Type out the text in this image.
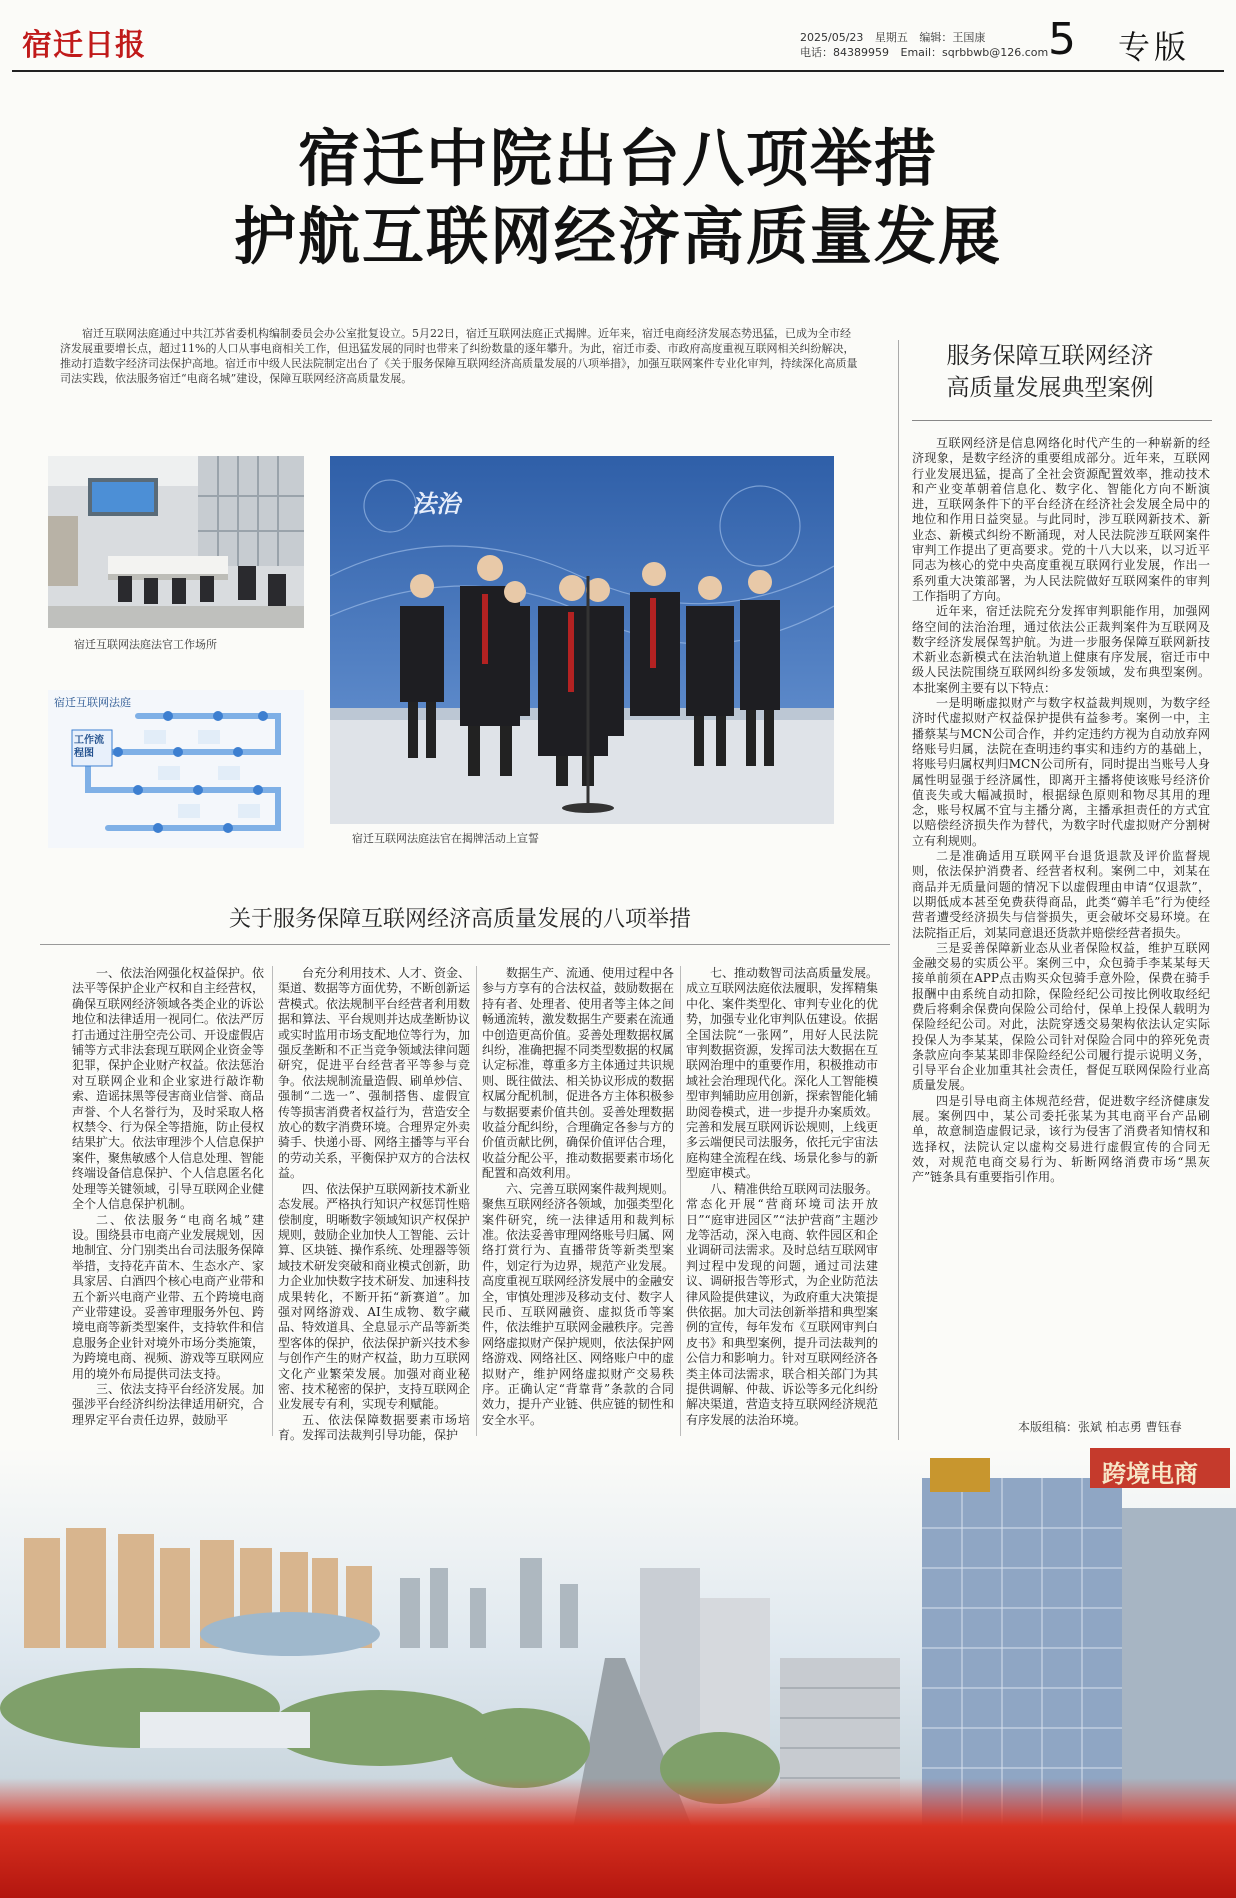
宿迁日报	2025/05/23 星期五 编辑：王国康
电话：84389959 Email：sqrbbwb@126.com 5 专版
宿迁中院出台八项举措
护航互联网经济高质量发展

宿迁互联网法庭通过中共江苏省委机构编制委员会办公室批复设立。5月22日，宿迁互联网法庭正式揭牌。近年来，宿迁电商经济发展态势迅猛，已成为全市经济发展重要增长点，超过11%的人口从事电商相关工作，但迅猛发展的同时也带来了纠纷数量的逐年攀升。为此，宿迁市委、市政府高度重视互联网相关纠纷解决，推动打造数字经济司法保护高地。宿迁市中级人民法院制定出台了《关于服务保障互联网经济高质量发展的八项举措》，加强互联网案件专业化审判，持续深化高质量司法实践，依法服务宿迁“电商名城”建设，保障互联网经济高质量发展。

宿迁互联网法庭法官工作场所
宿迁互联网法庭
工作流程图
法治
宿迁互联网法庭法官在揭牌活动上宣誓
服务保障互联网经济
高质量发展典型案例

互联网经济是信息网络化时代产生的一种崭新的经济现象，是数字经济的重要组成部分。近年来，互联网行业发展迅猛，提高了全社会资源配置效率，推动技术和产业变革朝着信息化、数字化、智能化方向不断演进，互联网条件下的平台经济在经济社会发展全局中的地位和作用日益突显。与此同时，涉互联网新技术、新业态、新模式纠纷不断涌现，对人民法院涉互联网案件审判工作提出了更高要求。党的十八大以来，以习近平同志为核心的党中央高度重视互联网行业发展，作出一系列重大决策部署，为人民法院做好互联网案件的审判工作指明了方向。

近年来，宿迁法院充分发挥审判职能作用，加强网络空间的法治治理，通过依法公正裁判案件为互联网及数字经济发展保驾护航。为进一步服务保障互联网新技术新业态新模式在法治轨道上健康有序发展，宿迁市中级人民法院围绕互联网纠纷多发领域，发布典型案例。本批案例主要有以下特点：

一是明晰虚拟财产与数字权益裁判规则，为数字经济时代虚拟财产权益保护提供有益参考。案例一中，主播蔡某与MCN公司合作，并约定违约方视为自动放弃网络账号归属，法院在查明违约事实和违约方的基础上，将账号归属权判归MCN公司所有，同时提出当账号人身属性明显强于经济属性，即离开主播将使该账号经济价值丧失或大幅减损时，根据绿色原则和物尽其用的理念，账号权属不宜与主播分离，主播承担责任的方式宜以赔偿经济损失作为替代，为数字时代虚拟财产分割树立有利规则。

二是准确适用互联网平台退货退款及评价监督规则，依法保护消费者、经营者权利。案例二中，刘某在商品并无质量问题的情况下以虚假理由申请“仅退款”，以期低成本甚至免费获得商品，此类“薅羊毛”行为使经营者遭受经济损失与信誉损失，更会破坏交易环境。在法院指正后，刘某同意退还货款并赔偿经营者损失。

三是妥善保障新业态从业者保险权益，维护互联网金融交易的实质公平。案例三中，众包骑手李某某每天接单前须在APP点击购买众包骑手意外险，保费在骑手报酬中由系统自动扣除，保险经纪公司按比例收取经纪费后将剩余保费向保险公司给付，保单上投保人载明为保险经纪公司。对此，法院穿透交易架构依法认定实际投保人为李某某，保险公司针对保险合同中的猝死免责条款应向李某某即非保险经纪公司履行提示说明义务，引导平台企业加重其社会责任，督促互联网保险行业高质量发展。

四是引导电商主体规范经营，促进数字经济健康发展。案例四中，某公司委托张某为其电商平台产品刷单，故意制造虚假记录，该行为侵害了消费者知情权和选择权，法院认定以虚构交易进行虚假宣传的合同无效，对规范电商交易行为、斩断网络消费市场“黑灰产”链条具有重要指引作用。

本版组稿：张斌 柏志勇 曹钰春
关于服务保障互联网经济高质量发展的八项举措

一、依法治网强化权益保护。依法平等保护企业产权和自主经营权，确保互联网经济领域各类企业的诉讼地位和法律适用一视同仁。依法严厉打击通过注册空壳公司、开设虚假店铺等方式非法套现互联网企业资金等犯罪，保护企业财产权益。依法惩治对互联网企业和企业家进行敲诈勒索、造谣抹黑等侵害商业信誉、商品声誉、个人名誉行为，及时采取人格权禁令、行为保全等措施，防止侵权结果扩大。依法审理涉个人信息保护案件，聚焦敏感个人信息处理、智能终端设备信息保护、个人信息匿名化处理等关键领域，引导互联网企业健全个人信息保护机制。

二、依法服务“电商名城”建设。围绕县市电商产业发展规划，因地制宜、分门别类出台司法服务保障举措，支持花卉苗木、生态水产、家具家居、白酒四个核心电商产业带和五个新兴电商产业带、五个跨境电商产业带建设。妥善审理服务外包、跨境电商等新类型案件，支持软件和信息服务企业针对境外市场分类施策，为跨境电商、视频、游戏等互联网应用的境外布局提供司法支持。

三、依法支持平台经济发展。加强涉平台经济纠纷法律适用研究，合理界定平台责任边界，鼓励平

台充分利用技术、人才、资金、渠道、数据等方面优势，不断创新运营模式。依法规制平台经营者利用数据和算法、平台规则并达成垄断协议或实时监用市场支配地位等行为，加强反垄断和不正当竞争领域法律问题研究，促进平台经营者平等参与竞争。依法规制流量造假、刷单炒信、强制“二选一”、强制搭售、虚假宣传等损害消费者权益行为，营造安全放心的数字消费环境。合理界定外卖骑手、快递小哥、网络主播等与平台的劳动关系，平衡保护双方的合法权益。

四、依法保护互联网新技术新业态发展。严格执行知识产权惩罚性赔偿制度，明晰数字领域知识产权保护规则，鼓励企业加快人工智能、云计算、区块链、操作系统、处理器等领域技术研发突破和商业模式创新，助力企业加快数字技术研发、加速科技成果转化，不断开拓“新赛道”。加强对网络游戏、AI生成物、数字藏品、特效道具、全息显示产品等新类型客体的保护，依法保护新兴技术参与创作产生的财产权益，助力互联网文化产业繁荣发展。加强对商业秘密、技术秘密的保护，支持互联网企业发展专有利，实现专利赋能。

五、依法保障数据要素市场培育。发挥司法裁判引导功能，保护

数据生产、流通、使用过程中各参与方享有的合法权益，鼓励数据在持有者、处理者、使用者等主体之间畅通流转，激发数据生产要素在流通中创造更高价值。妥善处理数据权属纠纷，准确把握不同类型数据的权属认定标准，尊重多方主体通过共识规则、既往做法、相关协议形成的数据权属分配机制，促进各方主体积极参与数据要素价值共创。妥善处理数据收益分配纠纷，合理确定各参与方的价值贡献比例，确保价值评估合理，收益分配公平，推动数据要素市场化配置和高效利用。

六、完善互联网案件裁判规则。聚焦互联网经济各领域，加强类型化案件研究，统一法律适用和裁判标准。依法妥善审理网络账号归属、网络打赏行为、直播带货等新类型案件，划定行为边界，规范产业发展。高度重视互联网经济发展中的金融安全，审慎处理涉及移动支付、数字人民币、互联网融资、虚拟货币等案件，依法维护互联网金融秩序。完善网络虚拟财产保护规则，依法保护网络游戏、网络社区、网络账户中的虚拟财产，维护网络虚拟财产交易秩序。正确认定“背靠背”条款的合同效力，提升产业链、供应链的韧性和安全水平。

七、推动数智司法高质量发展。成立互联网法庭依法履职，发挥精集中化、案件类型化、审判专业化的优势，加强专业化审判队伍建设。依据全国法院“一张网”，用好人民法院审判数据资源，发挥司法大数据在互联网治理中的重要作用，积极推动市域社会治理现代化。深化人工智能模型审判辅助应用创新，探索智能化辅助阅卷模式，进一步提升办案质效。完善和发展互联网诉讼规则，上线更多云端便民司法服务，依托元宇宙法庭构建全流程在线、场景化参与的新型庭审模式。

八、精准供给互联网司法服务。常态化开展“营商环境司法开放日”“庭审进园区”“法护营商”主题沙龙等活动，深入电商、软件园区和企业调研司法需求。及时总结互联网审判过程中发现的问题，通过司法建议、调研报告等形式，为企业防范法律风险提供建议，为政府重大决策提供依据。加大司法创新举措和典型案例的宣传，每年发布《互联网审判白皮书》和典型案例，提升司法裁判的公信力和影响力。针对互联网经济各类主体司法需求，联合相关部门为其提供调解、仲裁、诉讼等多元化纠纷解决渠道，营造支持互联网经济规范有序发展的法治环境。

跨境电商
